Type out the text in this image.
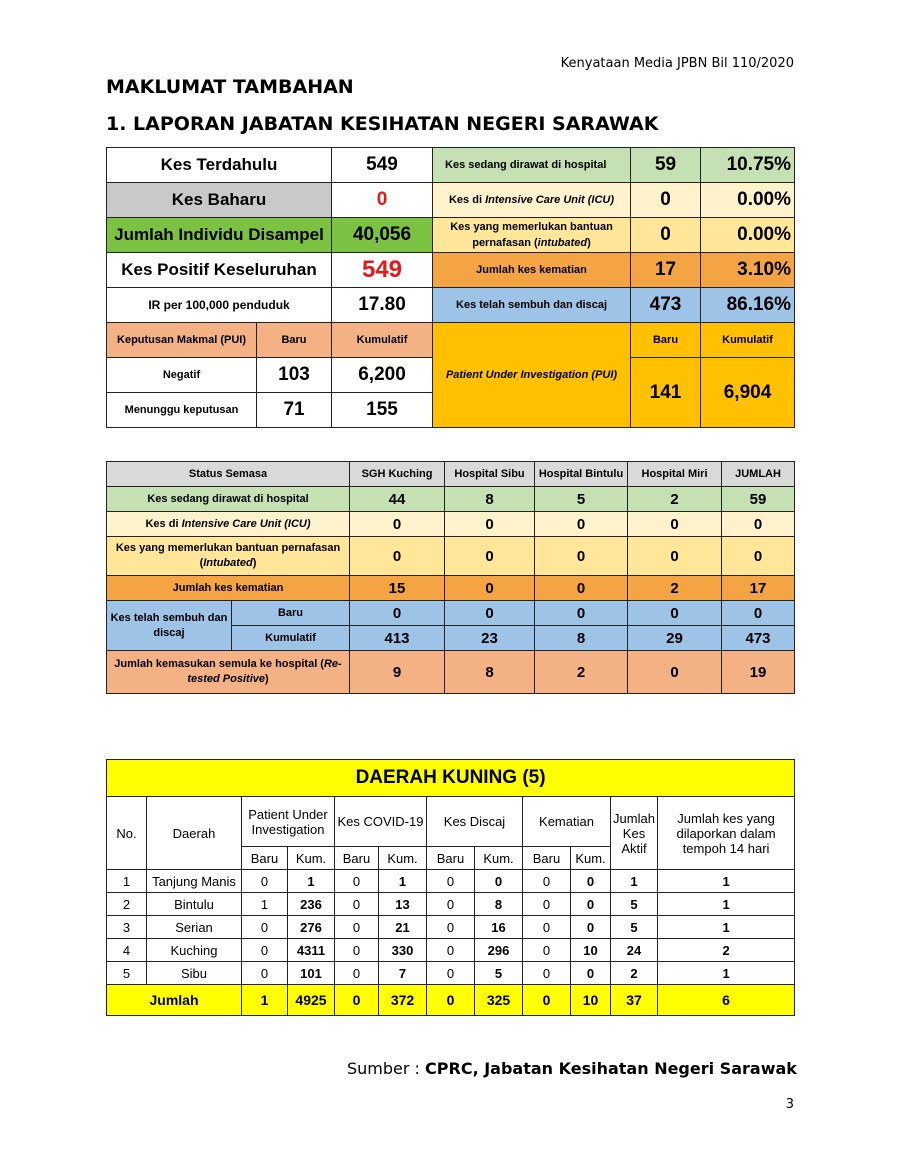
Kenyataan Media JPBN Bil 110/2020
MAKLUMAT TAMBAHAN
1. LAPORAN JABATAN KESIHATAN NEGERI SARAWAK
Kes Terdahulu		549	Kes sedang dirawat di hospital	59	10.75%
Kes Baharu		0	Kes di Intensive Care Unit (ICU)	0	0.00%
Jumlah Individu Disampel		40,056	Kes yang memerlukan bantuan pernafasan (intubated)	0	0.00%
Kes Positif Keseluruhan		549	Jumlah kes kematian	17	3.10%
IR per 100,000 penduduk		17.80	Kes telah sembuh dan discaj	473	86.16%
Keputusan Makmal (PUI)	Baru	Kumulatif	Patient Under Investigation (PUI)	Baru	Kumulatif
Negatif	103	6,200		141	6,904
Menunggu keputusan	71	155			
Status Semasa		SGH Kuching	Hospital Sibu	Hospital Bintulu	Hospital Miri	JUMLAH
Kes sedang dirawat di hospital		44	8	5	2	59
Kes di Intensive Care Unit (ICU)		0	0	0	0	0
Kes yang memerlukan bantuan pernafasan (Intubated)		0	0	0	0	0
Jumlah kes kematian		15	0	0	2	17
Kes telah sembuh dan discaj	Baru	0	0	0	0	0
	Kumulatif	413	23	8	29	473
Jumlah kemasukan semula ke hospital (Re-tested Positive)		9	8	2	0	19
DAERAH KUNING (5)											
No.	Daerah	Patient Under Investigation		Kes COVID-19		Kes Discaj		Kematian		Jumlah Kes Aktif	Jumlah kes yang dilaporkan dalam tempoh 14 hari
		Baru	Kum.	Baru	Kum.	Baru	Kum.	Baru	Kum.		
1	Tanjung Manis	0	1	0	1	0	0	0	0	1	1
2	Bintulu	1	236	0	13	0	8	0	0	5	1
3	Serian	0	276	0	21	0	16	0	0	5	1
4	Kuching	0	4311	0	330	0	296	0	10	24	2
5	Sibu	0	101	0	7	0	5	0	0	2	1
Jumlah		1	4925	0	372	0	325	0	10	37	6
Sumber : CPRC, Jabatan Kesihatan Negeri Sarawak
3
